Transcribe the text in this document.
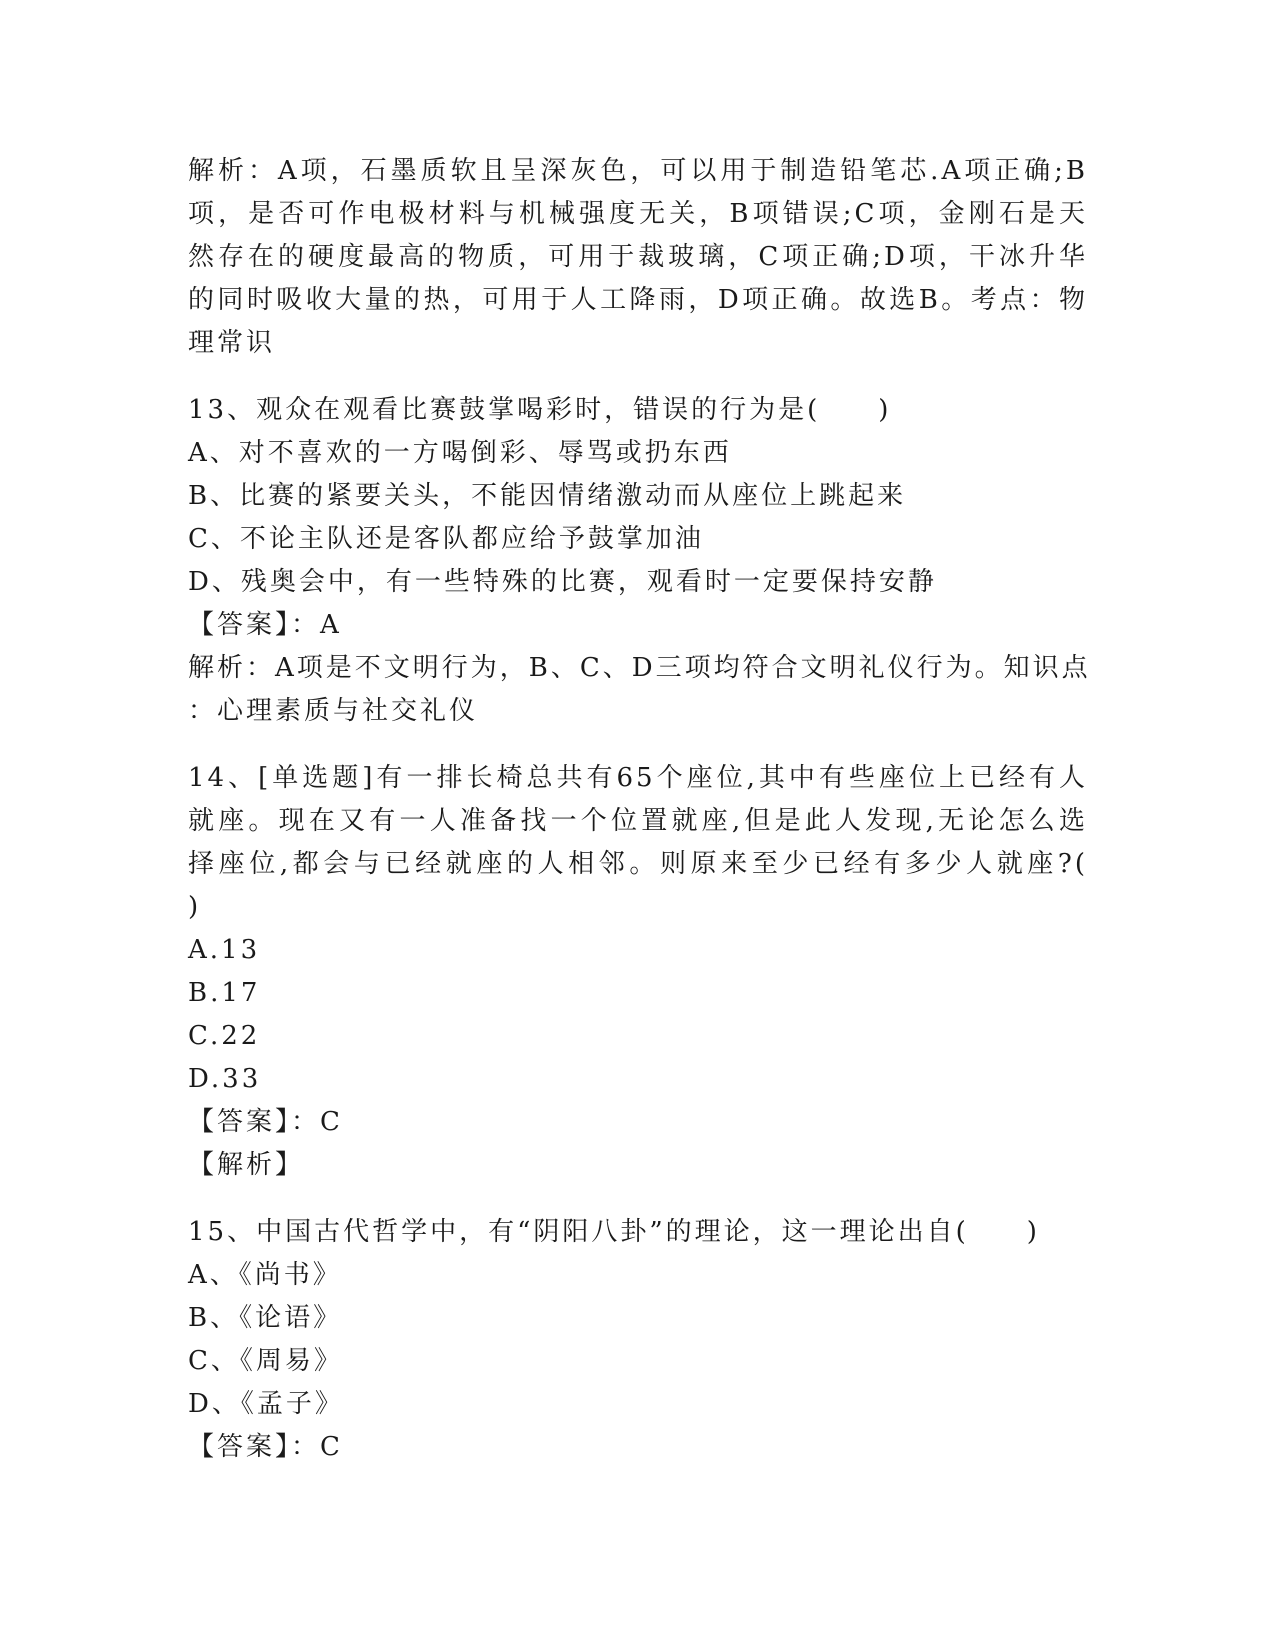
解析：A项，石墨质软且呈深灰色，可以用于制造铅笔芯.A项正确;B
项，是否可作电极材料与机械强度无关，B项错误;C项，金刚石是天
然存在的硬度最高的物质，可用于裁玻璃，C项正确;D项，干冰升华
的同时吸收大量的热，可用于人工降雨，D项正确。故选B。考点：物
理常识
13、观众在观看比赛鼓掌喝彩时，错误的行为是(　　)
A、对不喜欢的一方喝倒彩、辱骂或扔东西
B、比赛的紧要关头，不能因情绪激动而从座位上跳起来
C、不论主队还是客队都应给予鼓掌加油
D、残奥会中，有一些特殊的比赛，观看时一定要保持安静
【答案】：A
解析：A项是不文明行为，B、C、D三项均符合文明礼仪行为。知识点
：心理素质与社交礼仪
14、[单选题]有一排长椅总共有65个座位,其中有些座位上已经有人
就座。现在又有一人准备找一个位置就座,但是此人发现,无论怎么选
择座位,都会与已经就座的人相邻。则原来至少已经有多少人就座?(
)
A.13
B.17
C.22
D.33
【答案】：C
【解析】
15、中国古代哲学中，有“阴阳八卦”的理论，这一理论出自(　　)
A、《尚书》
B、《论语》
C、《周易》
D、《孟子》
【答案】：C
